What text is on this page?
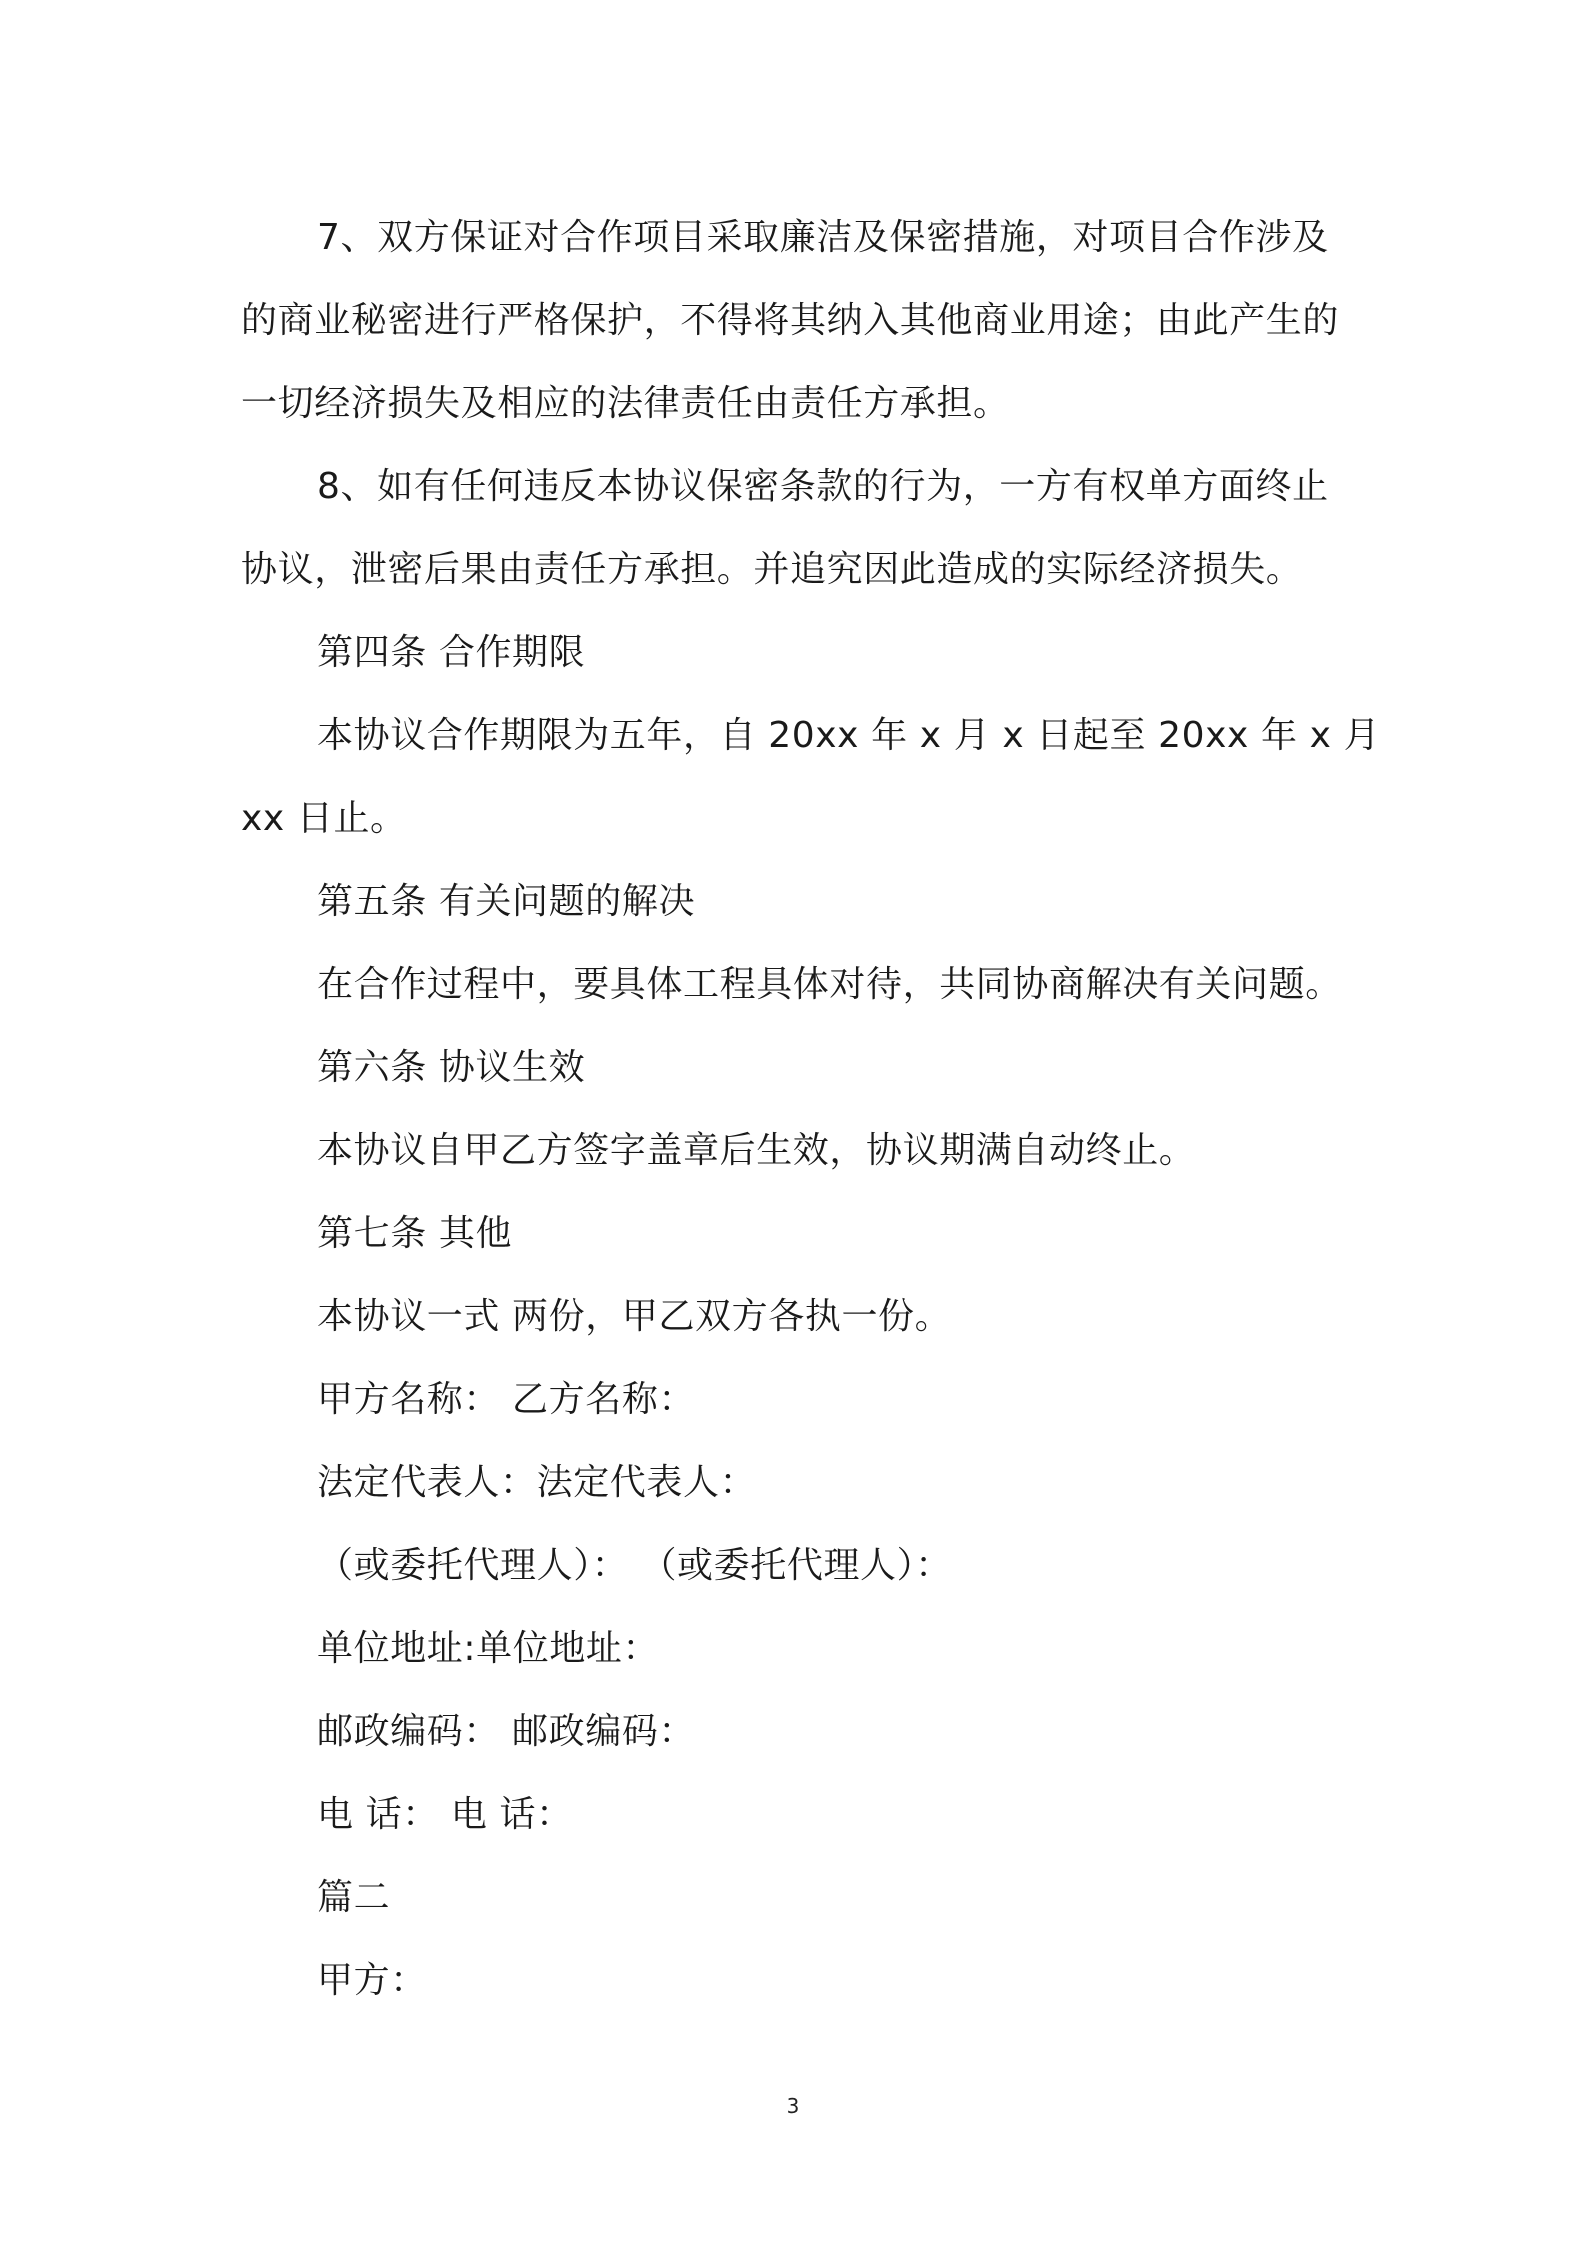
7、双方保证对合作项目采取廉洁及保密措施，对项目合作涉及
的商业秘密进行严格保护，不得将其纳入其他商业用途；由此产生的
一切经济损失及相应的法律责任由责任方承担。
8、如有任何违反本协议保密条款的行为，一方有权单方面终止
协议，泄密后果由责任方承担。并追究因此造成的实际经济损失。
第四条 合作期限
本协议合作期限为五年，自 20xx 年 x 月 x 日起至 20xx 年 x 月
xx 日止。
第五条 有关问题的解决
在合作过程中，要具体工程具体对待，共同协商解决有关问题。
第六条 协议生效
本协议自甲乙方签字盖章后生效，协议期满自动终止。
第七条 其他
本协议一式 两份，甲乙双方各执一份。
甲方名称： 乙方名称：
法定代表人：法定代表人：
（或委托代理人）： （或委托代理人）：
单位地址:单位地址：
邮政编码： 邮政编码：
电 话： 电 话：
篇二
甲方：
3
